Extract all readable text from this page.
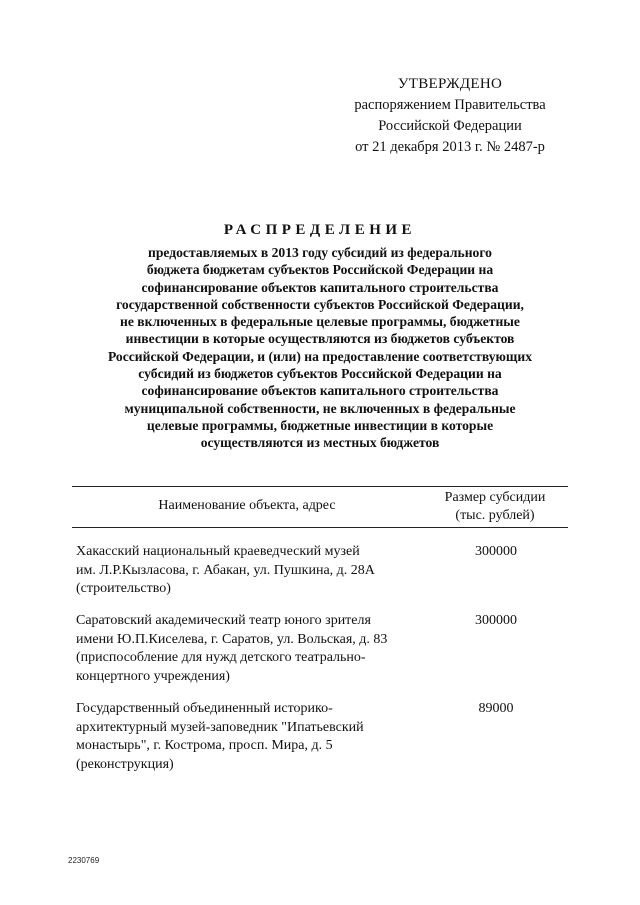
УТВЕРЖДЕНО
распоряжением Правительства
Российской Федерации
от 21 декабря 2013 г. № 2487-р
РАСПРЕДЕЛЕНИЕ
предоставляемых в 2013 году субсидий из федерального
бюджета бюджетам субъектов Российской Федерации на
софинансирование объектов капитального строительства
государственной собственности субъектов Российской Федерации,
не включенных в федеральные целевые программы, бюджетные
инвестиции в которые осуществляются из бюджетов субъектов
Российской Федерации, и (или) на предоставление соответствующих
субсидий из бюджетов субъектов Российской Федерации на
софинансирование объектов капитального строительства
муниципальной собственности, не включенных в федеральные
целевые программы, бюджетные инвестиции в которые
осуществляются из местных бюджетов
Наименование объекта, адрес
Размер субсидии
(тыс. рублей)
Хакасский национальный краеведческий музей
им. Л.Р.Кызласова, г. Абакан, ул. Пушкина, д. 28А
(строительство)
300000
Саратовский академический театр юного зрителя
имени Ю.П.Киселева, г. Саратов, ул. Вольская, д. 83
(приспособление для нужд детского театрально-
концертного учреждения)
300000
Государственный объединенный историко-
архитектурный музей-заповедник "Ипатьевский
монастырь", г. Кострома, просп. Мира, д. 5
(реконструкция)
89000
2230769
